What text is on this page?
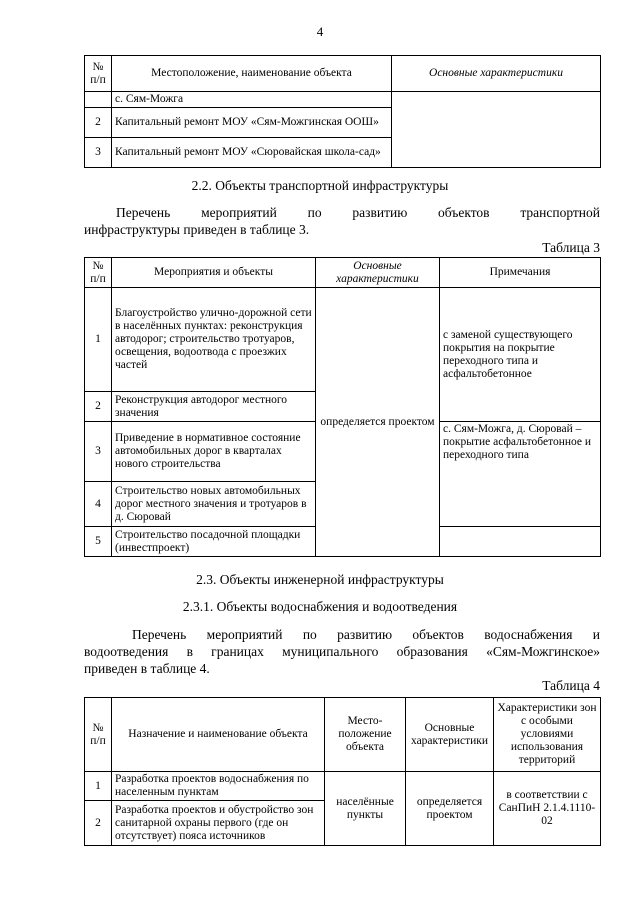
4
№ п/п	Местоположение, наименование объекта	Основные характеристики
	с. Сям-Можга	
2	Капитальный ремонт МОУ «Сям-Можгинская ООШ»	
3	Капитальный ремонт МОУ «Сюровайская школа-сад»	
2.2. Объекты транспортной инфраструктуры
Перечень мероприятий по развитию объектов транспортной
инфраструктуры приведен в таблице 3.
Таблица 3
№ п/п	Мероприятия и объекты	Основные характеристики	Примечания
1	Благоустройство улично-дорожной сети в населённых пунктах: реконструкция автодорог; строительство тротуаров, освещения, водоотвода с проезжих частей	определяется проектом	с заменой существующего покрытия на покрытие переходного типа и асфальтобетонное
2	Реконструкция автодорог местного значения		
3	Приведение в нормативное состояние автомобильных дорог в кварталах нового строительства		с. Сям-Можга, д. Сюровай – покрытие асфальтобетонное и переходного типа
4	Строительство новых автомобильных дорог местного значения и тротуаров в д. Сюровай		
5	Строительство посадочной площадки (инвестпроект)		
2.3. Объекты инженерной инфраструктуры
2.3.1. Объекты водоснабжения и водоотведения
Перечень мероприятий по развитию объектов водоснабжения и
водоотведения в границах муниципального образования «Сям-Можгинское»
приведен в таблице 4.
Таблица 4
№ п/п	Назначение и наименование объекта	Место-положение объекта	Основные характеристики	Характеристики зон с особыми условиями использования территорий
1	Разработка проектов водоснабжения по населенным пунктам	населённые пункты	определяется проектом	в соответствии с СанПиН 2.1.4.1110-02
2	Разработка проектов и обустройство зон санитарной охраны первого (где он отсутствует) пояса источников			
